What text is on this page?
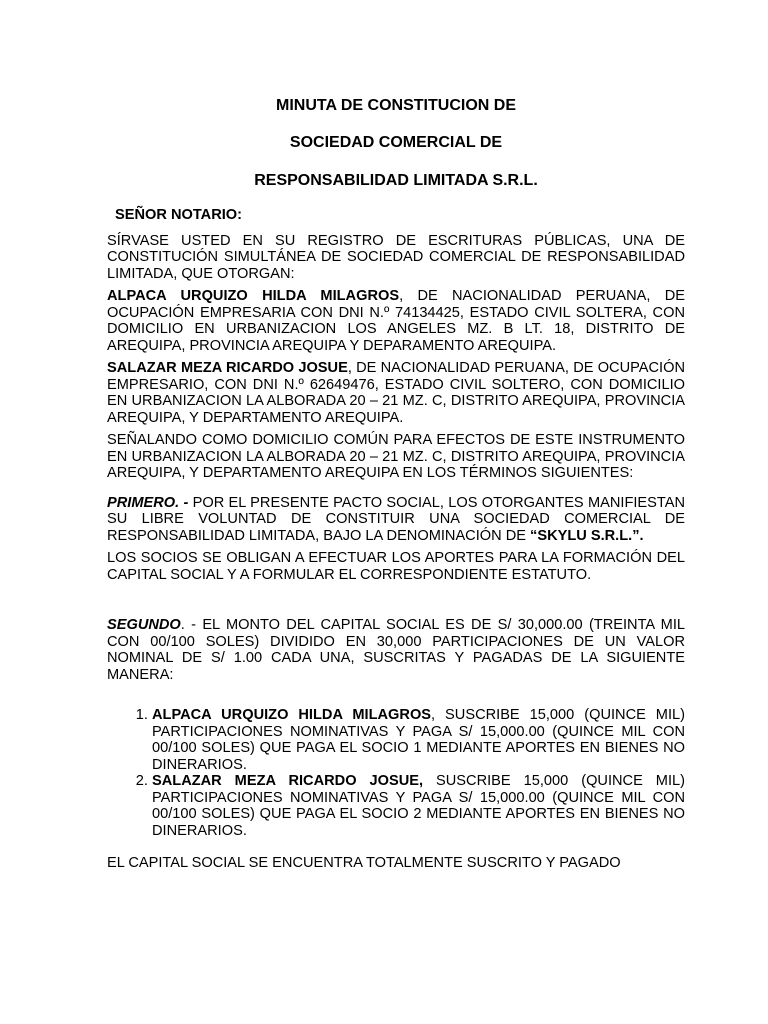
MINUTA DE CONSTITUCION DE
SOCIEDAD COMERCIAL DE
RESPONSABILIDAD LIMITADA S.R.L.
SEÑOR NOTARIO:

SÍRVASE USTED EN SU REGISTRO DE ESCRITURAS PÚBLICAS, UNA DE CONSTITUCIÓN SIMULTÁNEA DE SOCIEDAD COMERCIAL DE RESPONSABILIDAD LIMITADA, QUE OTORGAN:

ALPACA URQUIZO HILDA MILAGROS, DE NACIONALIDAD PERUANA, DE OCUPACIÓN EMPRESARIA CON DNI N.º 74134425, ESTADO CIVIL SOLTERA, CON DOMICILIO EN URBANIZACION LOS ANGELES MZ. B LT. 18, DISTRITO DE AREQUIPA, PROVINCIA AREQUIPA Y DEPARAMENTO AREQUIPA.

SALAZAR MEZA RICARDO JOSUE, DE NACIONALIDAD PERUANA, DE OCUPACIÓN EMPRESARIO, CON DNI N.º 62649476, ESTADO CIVIL SOLTERO, CON DOMICILIO EN URBANIZACION LA ALBORADA 20 – 21 MZ. C, DISTRITO AREQUIPA, PROVINCIA AREQUIPA, Y DEPARTAMENTO AREQUIPA.

SEÑALANDO COMO DOMICILIO COMÚN PARA EFECTOS DE ESTE INSTRUMENTO EN URBANIZACION LA ALBORADA 20 – 21 MZ. C, DISTRITO AREQUIPA, PROVINCIA AREQUIPA, Y DEPARTAMENTO AREQUIPA EN LOS TÉRMINOS SIGUIENTES:

PRIMERO. - POR EL PRESENTE PACTO SOCIAL, LOS OTORGANTES MANIFIESTAN SU LIBRE VOLUNTAD DE CONSTITUIR UNA SOCIEDAD COMERCIAL DE RESPONSABILIDAD LIMITADA, BAJO LA DENOMINACIÓN DE “SKYLU S.R.L.”.

LOS SOCIOS SE OBLIGAN A EFECTUAR LOS APORTES PARA LA FORMACIÓN DEL CAPITAL SOCIAL Y A FORMULAR EL CORRESPONDIENTE ESTATUTO.

SEGUNDO. - EL MONTO DEL CAPITAL SOCIAL ES DE S/ 30,000.00 (TREINTA MIL CON 00/100 SOLES) DIVIDIDO EN 30,000 PARTICIPACIONES DE UN VALOR NOMINAL DE S/ 1.00 CADA UNA, SUSCRITAS Y PAGADAS DE LA SIGUIENTE MANERA:

1. ALPACA URQUIZO HILDA MILAGROS, SUSCRIBE 15,000 (QUINCE MIL) PARTICIPACIONES NOMINATIVAS Y PAGA S/ 15,000.00 (QUINCE MIL CON 00/100 SOLES) QUE PAGA EL SOCIO 1 MEDIANTE APORTES EN BIENES NO DINERARIOS.
2. SALAZAR MEZA RICARDO JOSUE, SUSCRIBE 15,000 (QUINCE MIL) PARTICIPACIONES NOMINATIVAS Y PAGA S/ 15,000.00 (QUINCE MIL CON 00/100 SOLES) QUE PAGA EL SOCIO 2 MEDIANTE APORTES EN BIENES NO DINERARIOS.

EL CAPITAL SOCIAL SE ENCUENTRA TOTALMENTE SUSCRITO Y PAGADO
